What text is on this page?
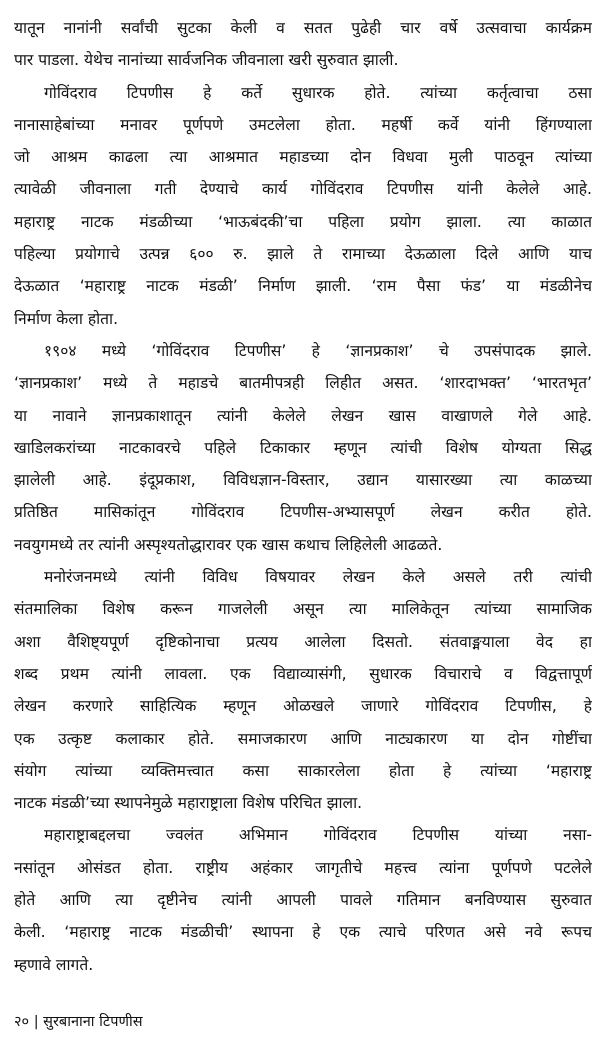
यातून नानांनी सर्वांची सुटका केली व सतत पुढेही चार वर्षे उत्सवाचा कार्यक्रम
पार पाडला. येथेच नानांच्या सार्वजनिक जीवनाला खरी सुरुवात झाली.
गोविंदराव टिपणीस हे कर्ते सुधारक होते. त्यांच्या कर्तृत्वाचा ठसा
नानासाहेबांच्या मनावर पूर्णपणे उमटलेला होता. महर्षी कर्वे यांनी हिंगण्याला
जो आश्रम काढला त्या आश्रमात महाडच्या दोन विधवा मुली पाठवून त्यांच्या
त्यावेळी जीवनाला गती देण्याचे कार्य गोविंदराव टिपणीस यांनी केलेले आहे.
महाराष्ट्र नाटक मंडळीच्या ‘भाऊबंदकी’चा पहिला प्रयोग झाला. त्या काळात
पहिल्या प्रयोगाचे उत्पन्न ६०० रु. झाले ते रामाच्या देऊळाला दिले आणि याच
देऊळात ‘महाराष्ट्र नाटक मंडळी’ निर्माण झाली. ‘राम पैसा फंड’ या मंडळीनेच
निर्माण केला होता.
१९०४ मध्ये ‘गोविंदराव टिपणीस’ हे ‘ज्ञानप्रकाश’ चे उपसंपादक झाले.
‘ज्ञानप्रकाश’ मध्ये ते महाडचे बातमीपत्रही लिहीत असत. ‘शारदाभक्त’ ‘भारतभृत’
या नावाने ज्ञानप्रकाशातून त्यांनी केलेले लेखन खास वाखाणले गेले आहे.
खाडिलकरांच्या नाटकावरचे पहिले टिकाकार म्हणून त्यांची विशेष योग्यता सिद्ध
झालेली आहे. इंदूप्रकाश, विविधज्ञान-विस्तार, उद्यान यासारख्या त्या काळच्या
प्रतिष्ठित मासिकांतून गोविंदराव टिपणीस-अभ्यासपूर्ण लेखन करीत होते.
नवयुगमध्ये तर त्यांनी अस्पृश्यतोद्धारावर एक खास कथाच लिहिलेली आढळते.
मनोरंजनमध्ये त्यांनी विविध विषयावर लेखन केले असले तरी त्यांची
संतमालिका विशेष करून गाजलेली असून त्या मालिकेतून त्यांच्या सामाजिक
अशा वैशिष्ट्यपूर्ण दृष्टिकोनाचा प्रत्यय आलेला दिसतो. संतवाङ्मयाला वेद हा
शब्द प्रथम त्यांनी लावला. एक विद्याव्यासंगी, सुधारक विचाराचे व विद्वत्तापूर्ण
लेखन करणारे साहित्यिक म्हणून ओळखले जाणारे गोविंदराव टिपणीस, हे
एक उत्कृष्ट कलाकार होते. समाजकारण आणि नाट्यकारण या दोन गोष्टींचा
संयोग त्यांच्या व्यक्तिमत्त्वात कसा साकारलेला होता हे त्यांच्या ‘महाराष्ट्र
नाटक मंडळी’च्या स्थापनेमुळे महाराष्ट्राला विशेष परिचित झाला.
महाराष्ट्राबद्दलचा ज्वलंत अभिमान गोविंदराव टिपणीस यांच्या नसा-
नसांतून ओसंडत होता. राष्ट्रीय अहंकार जागृतीचे महत्त्व त्यांना पूर्णपणे पटलेले
होते आणि त्या दृष्टीनेच त्यांनी आपली पावले गतिमान बनविण्यास सुरुवात
केली. ‘महाराष्ट्र नाटक मंडळीची’ स्थापना हे एक त्याचे परिणत असे नवे रूपच
म्हणावे लागते.
२० | सुरबानाना टिपणीस
